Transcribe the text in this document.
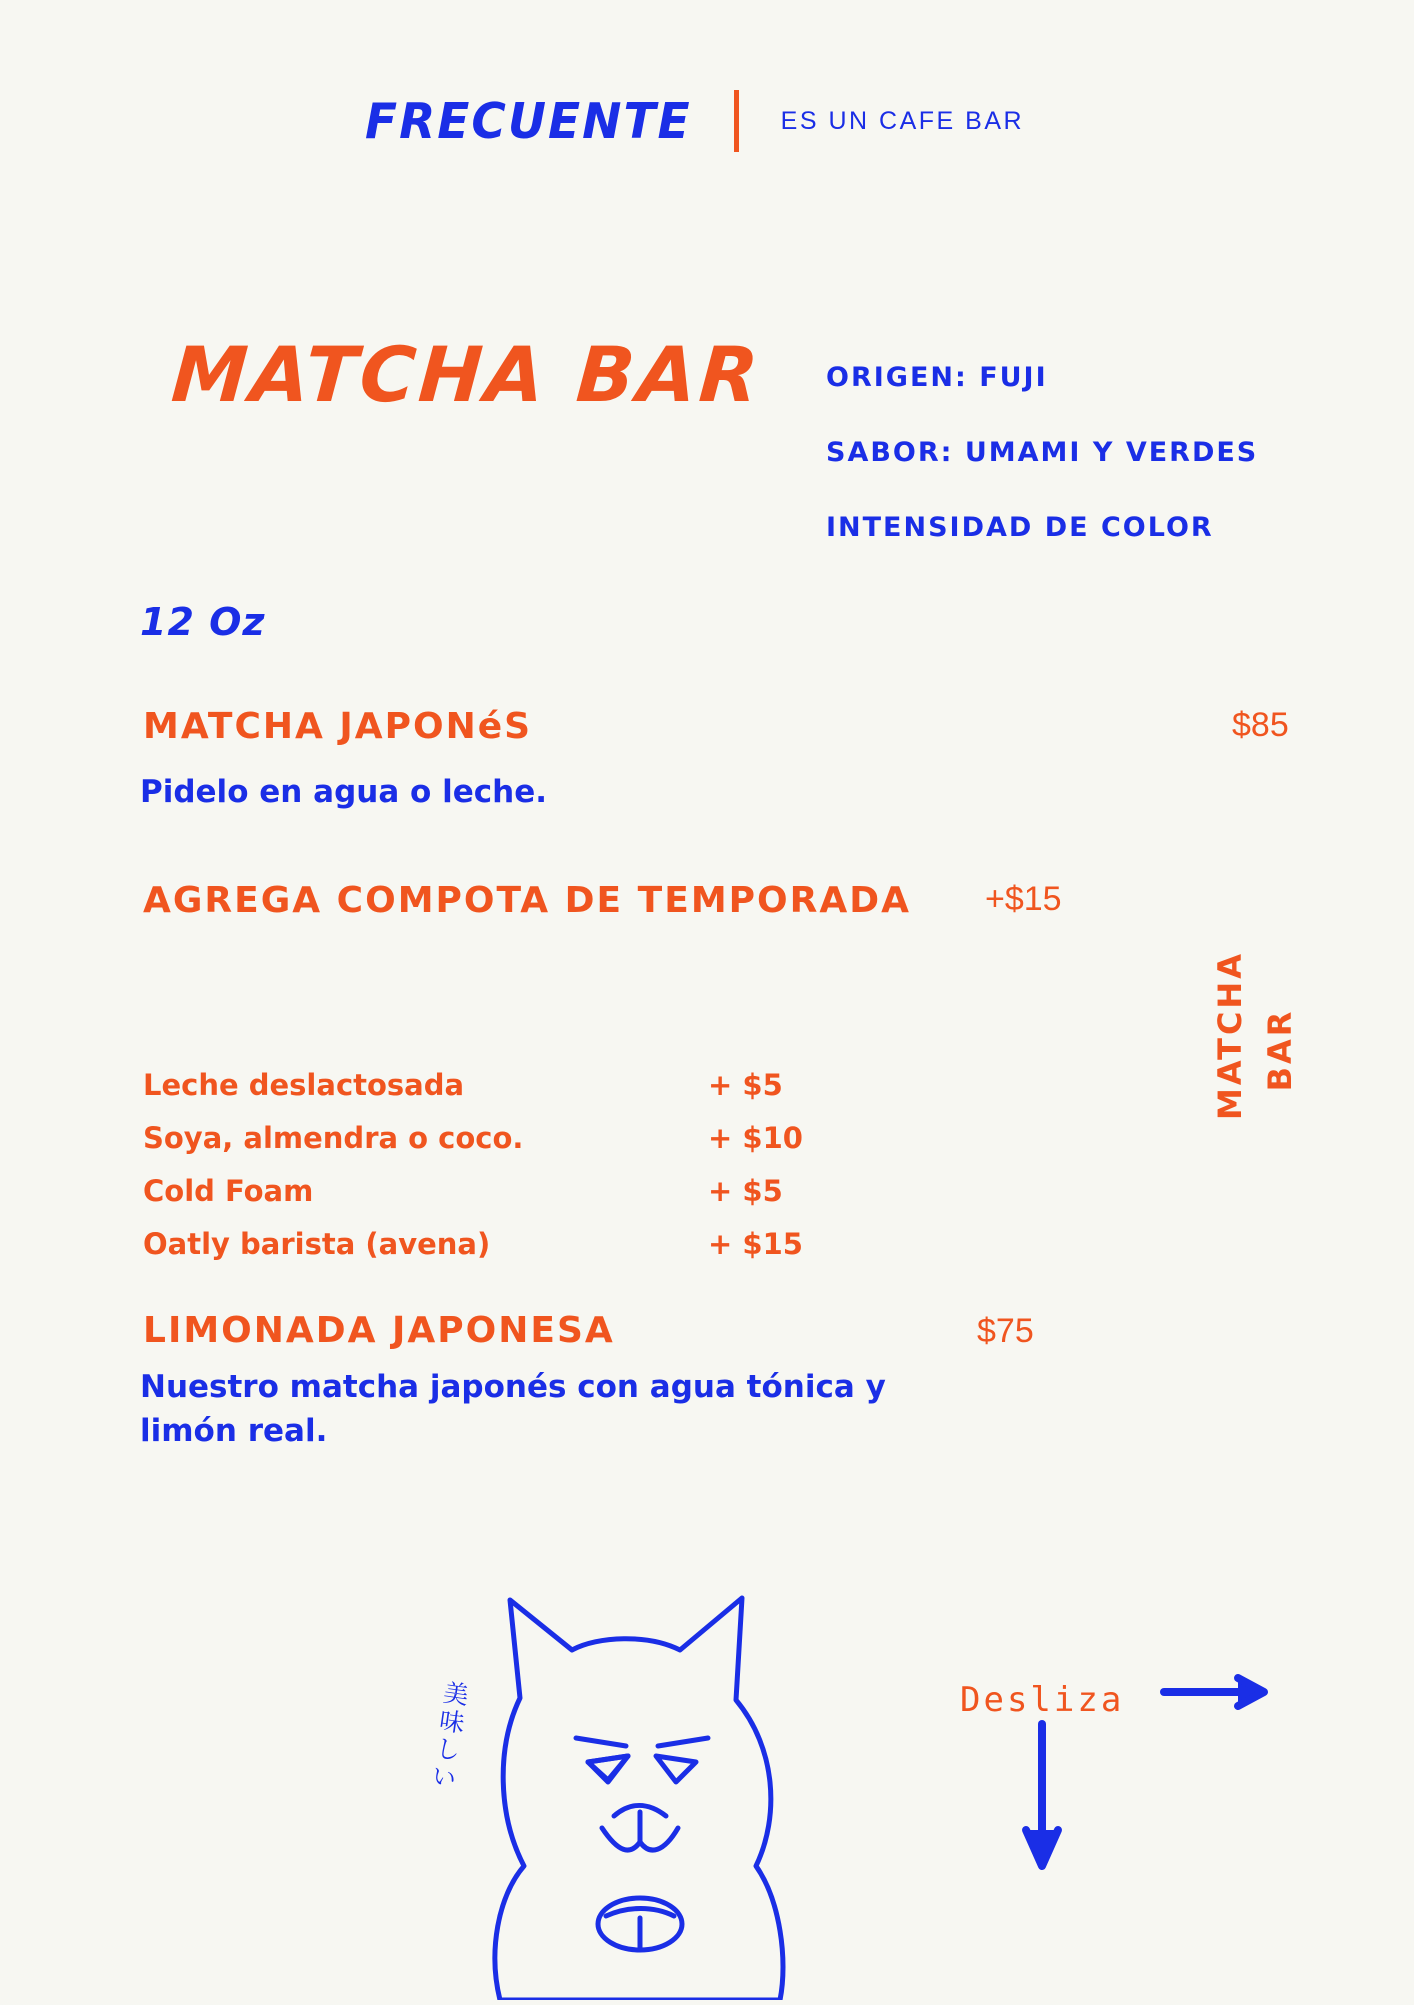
FRECUENTE	ES UN CAFE BAR
MATCHA BAR ORIGEN: FUJI
SABOR: UMAMI Y VERDES
INTENSIDAD DE COLOR
12 Oz
MATCHA JAPONéS
Pidelo en agua o leche.
$85
AGREGA COMPOTA DE TEMPORADA +$15
Leche deslactosada	+ $5
Soya, almendra o coco.	+ $10
Cold Foam	+ $5
Oatly barista (avena)	+ $15
LIMONADA JAPONESA
Nuestro matcha japonés con agua tónica y limón real.
$75
MATCHA BAR
美味しい	Desliza
